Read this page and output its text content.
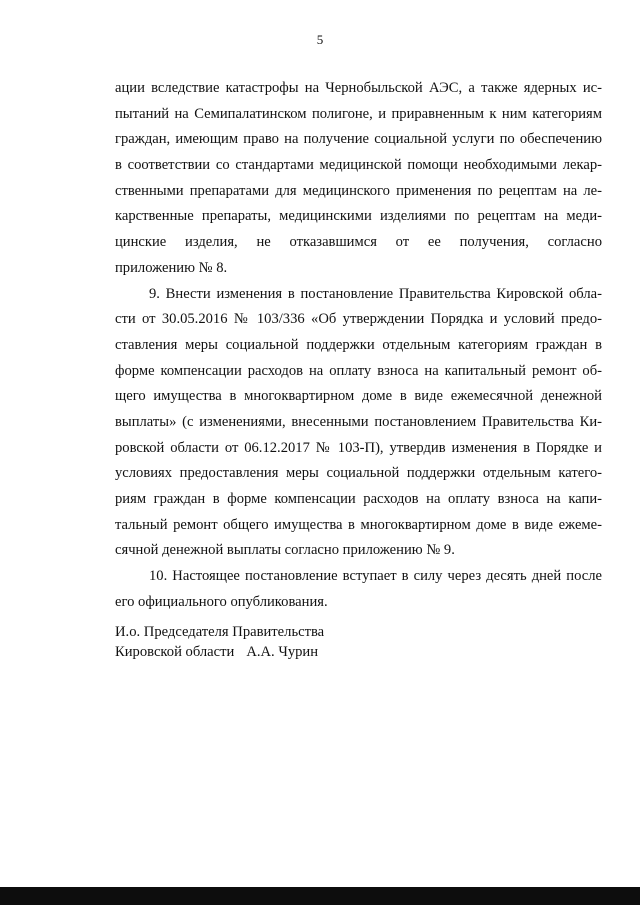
5
ации вследствие катастрофы на Чернобыльской АЭС, а также ядерных ис-
пытаний на Семипалатинском полигоне, и приравненным к ним категориям
граждан, имеющим право на получение социальной услуги по обеспечению
в соответствии со стандартами медицинской помощи необходимыми лекар-
ственными препаратами для медицинского применения по рецептам на ле-
карственные препараты, медицинскими изделиями по рецептам на меди-
цинские изделия, не отказавшимся от ее получения, согласно
приложению № 8.
9. Внести изменения в постановление Правительства Кировской обла-
сти от 30.05.2016 № 103/336 «Об утверждении Порядка и условий предо-
ставления меры социальной поддержки отдельным категориям граждан в
форме компенсации расходов на оплату взноса на капитальный ремонт об-
щего имущества в многоквартирном доме в виде ежемесячной денежной
выплаты» (с изменениями, внесенными постановлением Правительства Ки-
ровской области от 06.12.2017 № 103-П), утвердив изменения в Порядке и
условиях предоставления меры социальной поддержки отдельным катего-
риям граждан в форме компенсации расходов на оплату взноса на капи-
тальный ремонт общего имущества в многоквартирном доме в виде ежеме-
сячной денежной выплаты согласно приложению № 9.
10. Настоящее постановление вступает в силу через десять дней после
его официального опубликования.
И.о. Председателя Правительства
Кировской области А.А. Чурин
